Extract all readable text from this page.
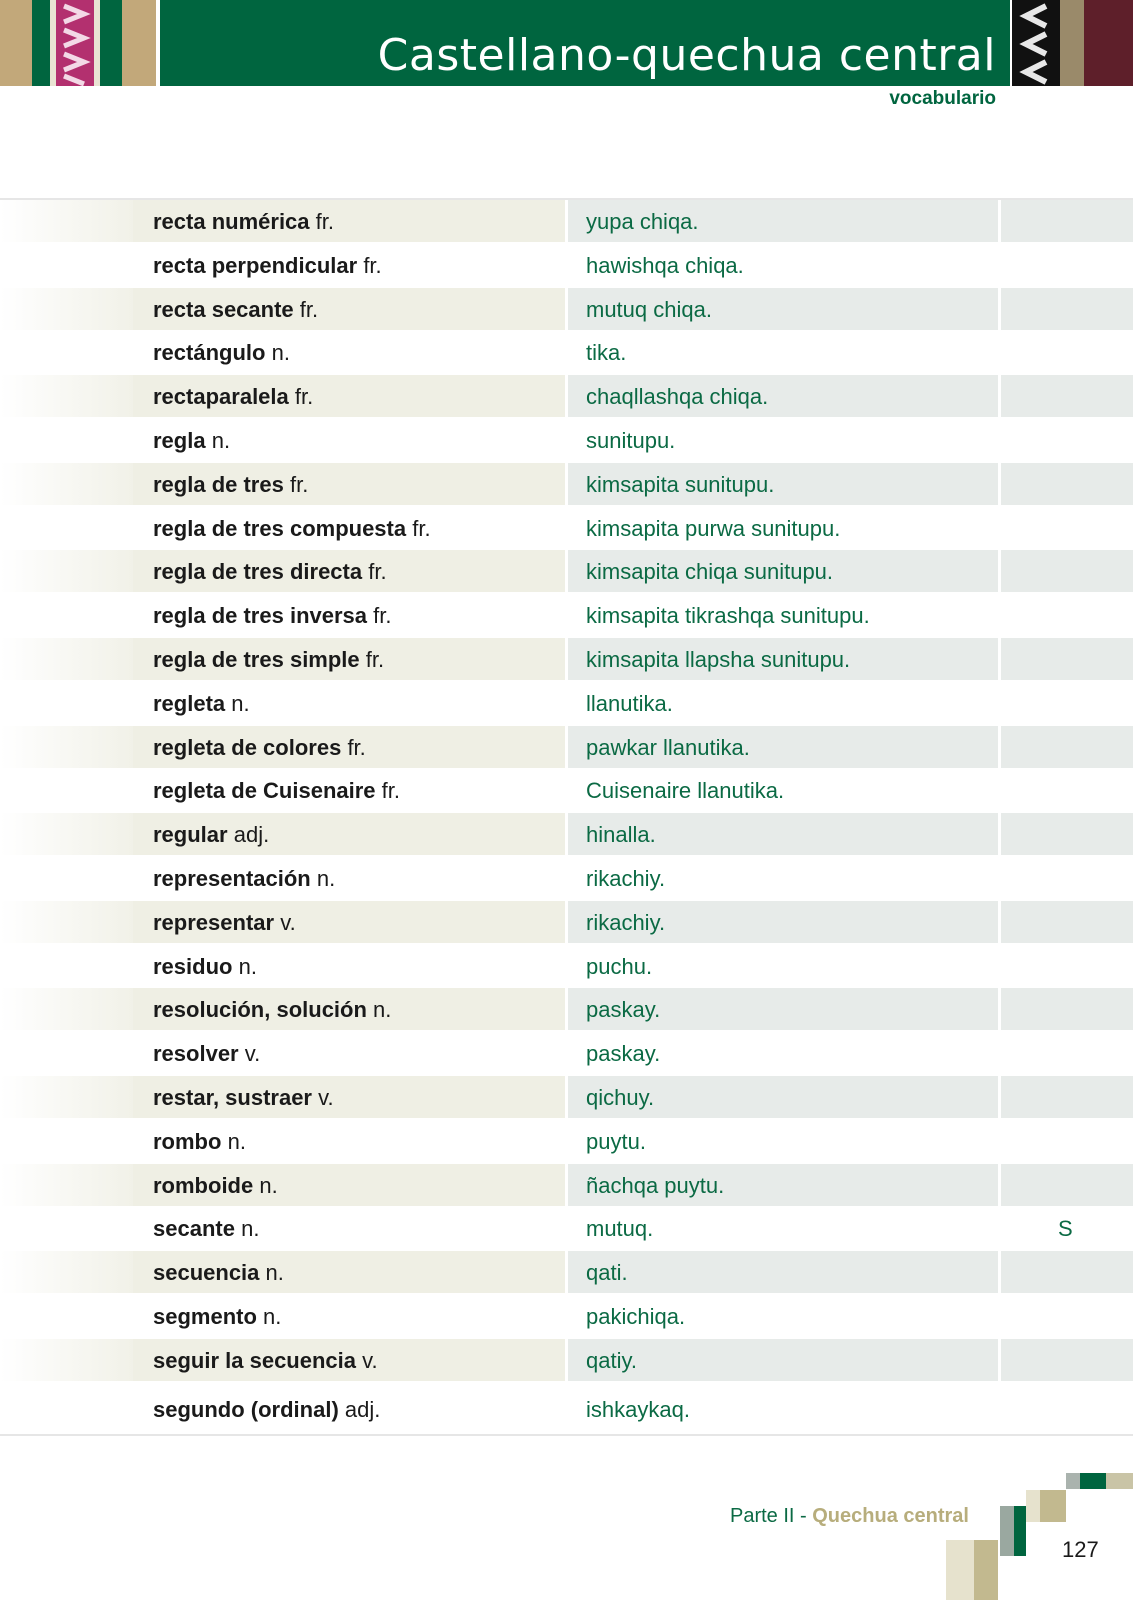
Castellano-quechua central
vocabulario
recta numérica fr.	yupa chiqa.
recta perpendicular fr.	hawishqa chiqa.
recta secante fr.	mutuq chiqa.
rectángulo n.	tika.
rectaparalela fr.	chaqllashqa chiqa.
regla n.	sunitupu.
regla de tres fr.	kimsapita sunitupu.
regla de tres compuesta fr.	kimsapita purwa sunitupu.
regla de tres directa fr.	kimsapita chiqa sunitupu.
regla de tres inversa fr.	kimsapita tikrashqa sunitupu.
regla de tres simple fr.	kimsapita llapsha sunitupu.
regleta n.	llanutika.
regleta de colores fr.	pawkar llanutika.
regleta de Cuisenaire fr.	Cuisenaire llanutika.
regular adj.	hinalla.
representación n.	rikachiy.
representar v.	rikachiy.
residuo n.	puchu.
resolución, solución n.	paskay.
resolver v.	paskay.
restar, sustraer v.	qichuy.
rombo n.	puytu.
romboide n.	ñachqa puytu.
secante n.	mutuq.	S
secuencia n.	qati.
segmento n.	pakichiqa.
seguir la secuencia v.	qatiy.
segundo (ordinal) adj.	ishkaykaq.
Parte II - Quechua central
127
